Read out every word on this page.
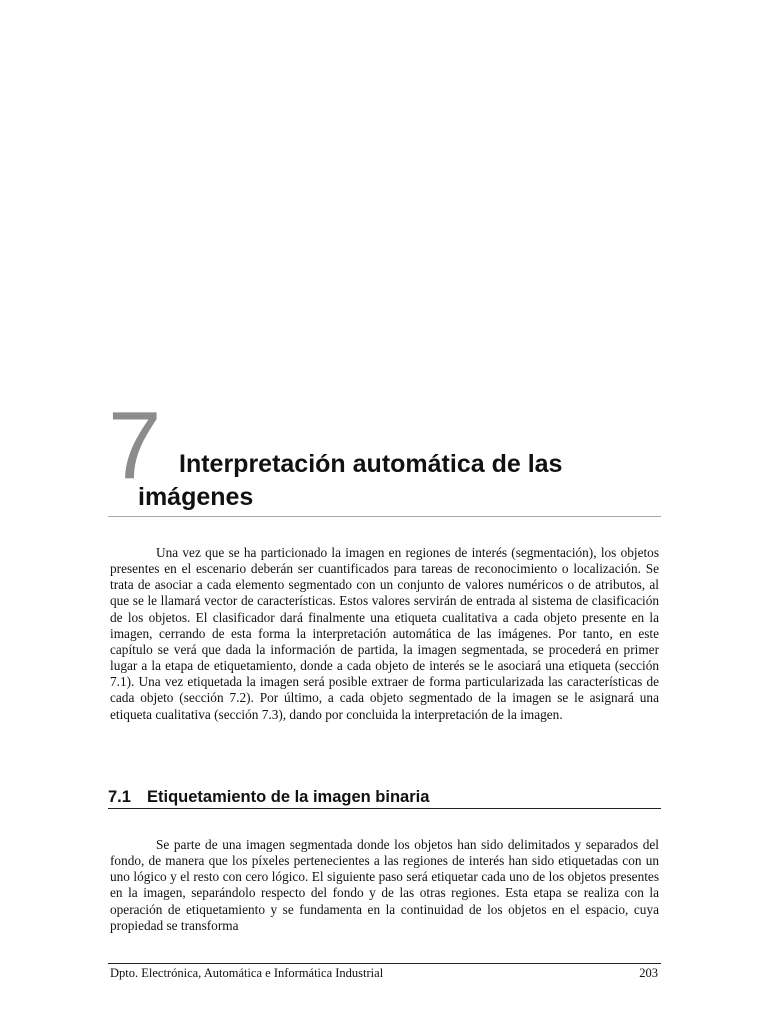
7 Interpretación automática de las imágenes

Una vez que se ha particionado la imagen en regiones de interés (segmentación), los objetos presentes en el escenario deberán ser cuantificados para tareas de reconocimiento o localización. Se trata de asociar a cada elemento segmentado con un conjunto de valores numéricos o de atributos, al que se le llamará vector de características. Estos valores servirán de entrada al sistema de clasificación de los objetos. El clasificador dará finalmente una etiqueta cualitativa a cada objeto presente en la imagen, cerrando de esta forma la interpretación automática de las imágenes. Por tanto, en este capítulo se verá que dada la información de partida, la imagen segmentada, se procederá en primer lugar a la etapa de etiquetamiento, donde a cada objeto de interés se le asociará una etiqueta (sección 7.1). Una vez etiquetada la imagen será posible extraer de forma particularizada las características de cada objeto (sección 7.2). Por último, a cada objeto segmentado de la imagen se le asignará una etiqueta cualitativa (sección 7.3), dando por concluida la interpretación de la imagen.

7.1 Etiquetamiento de la imagen binaria

Se parte de una imagen segmentada donde los objetos han sido delimitados y separados del fondo, de manera que los píxeles pertenecientes a las regiones de interés han sido etiquetadas con un uno lógico y el resto con cero lógico. El siguiente paso será etiquetar cada uno de los objetos presentes en la imagen, separándolo respecto del fondo y de las otras regiones. Esta etapa se realiza con la operación de etiquetamiento y se fundamenta en la continuidad de los objetos en el espacio, cuya propiedad se transforma

Dpto. Electrónica, Automática e Informática Industrial	203
